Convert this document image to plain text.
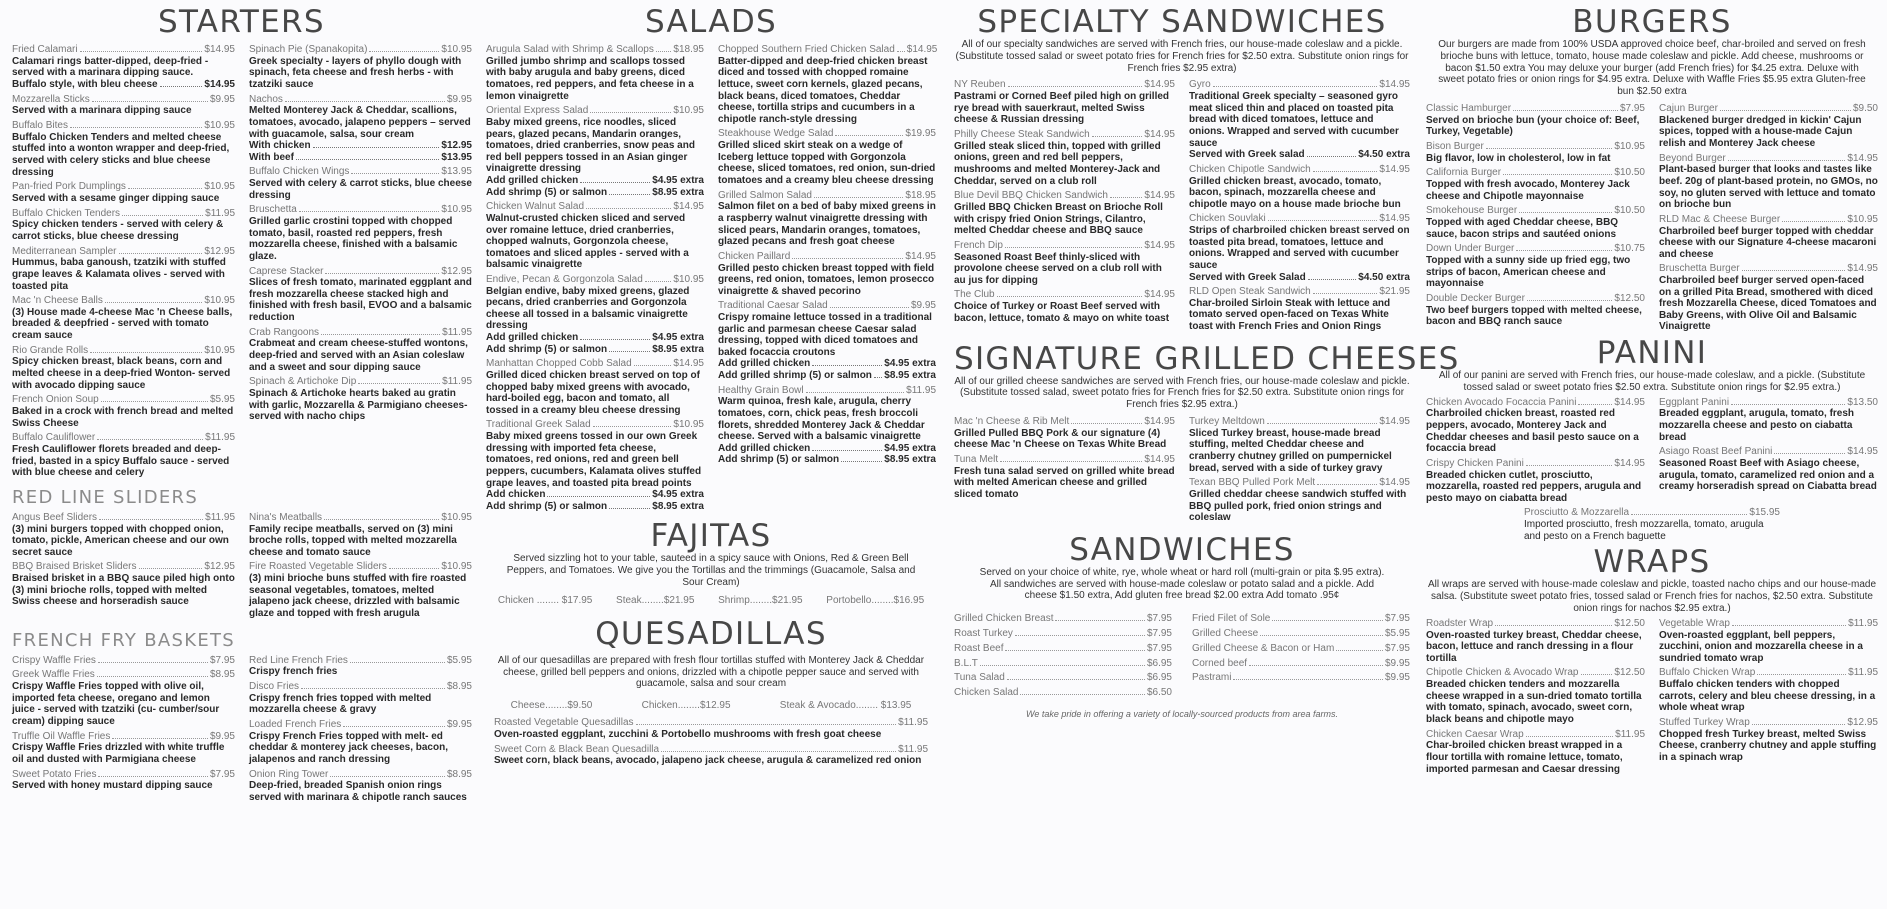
STARTERS
Fried Calamari	$14.95
Calamari rings batter-dipped, deep-fried - served with a marinara dipping sauce.
Buffalo style, with bleu cheese	$14.95
Mozzarella Sticks	$9.95
Served with a marinara dipping sauce
Buffalo Bites	$10.95
Buffalo Chicken Tenders and melted cheese stuffed into a wonton wrapper and deep-fried, served with celery sticks and blue cheese dressing
Pan-fried Pork Dumplings	$10.95
Served with a sesame ginger dipping sauce
Buffalo Chicken Tenders	$11.95
Spicy chicken tenders - served with celery & carrot sticks, blue cheese dressing
Mediterranean Sampler	$12.95
Hummus, baba ganoush, tzatziki with stuffed grape leaves & Kalamata olives - served with toasted pita
Mac 'n Cheese Balls	$10.95
(3) House made 4-cheese Mac 'n Cheese balls, breaded & deepfried - served with tomato cream sauce
Rio Grande Rolls	$10.95
Spicy chicken breast, black beans, corn and melted cheese in a deep-fried Wonton- served with avocado dipping sauce
French Onion Soup	$5.95
Baked in a crock with french bread and melted Swiss Cheese
Buffalo Cauliflower	$11.95
Fresh Cauliflower florets breaded and deep-fried, basted in a spicy Buffalo sauce - served with blue cheese and celery
Spinach Pie (Spanakopita)	$10.95
Greek specialty - layers of phyllo dough with spinach, feta cheese and fresh herbs - with tzatziki sauce
Nachos	$9.95
Melted Monterey Jack & Cheddar, scallions, tomatoes, avocado, jalapeno peppers – served with guacamole, salsa, sour cream
With chicken	$12.95
With beef	$13.95
Buffalo Chicken Wings	$13.95
Served with celery & carrot sticks, blue cheese dressing
Bruschetta	$10.95
Grilled garlic crostini topped with chopped tomato, basil, roasted red peppers, fresh mozzarella cheese, finished with a balsamic glaze.
Caprese Stacker	$12.95
Slices of fresh tomato, marinated eggplant and fresh mozzarella cheese stacked high and finished with fresh basil, EVOO and a balsamic reduction
Crab Rangoons	$11.95
Crabmeat and cream cheese-stuffed wontons, deep-fried and served with an Asian coleslaw and a sweet and sour dipping sauce
Spinach & Artichoke Dip	$11.95
Spinach & Artichoke hearts baked au gratin with garlic, Mozzarella & Parmigiano cheeses- served with nacho chips
RED LINE SLIDERS
Angus Beef Sliders	$11.95
(3) mini burgers topped with chopped onion, tomato, pickle, American cheese and our own secret sauce
BBQ Braised Brisket Sliders	$12.95
Braised brisket in a BBQ sauce piled high onto (3) mini brioche rolls, topped with melted Swiss cheese and horseradish sauce
Nina's Meatballs	$10.95
Family recipe meatballs, served on (3) mini broche rolls, topped with melted mozzarella cheese and tomato sauce
Fire Roasted Vegetable Sliders	$10.95
(3) mini brioche buns stuffed with fire roasted seasonal vegetables, tomatoes, melted jalapeno jack cheese, drizzled with balsamic glaze and topped with fresh arugula
FRENCH FRY BASKETS
Crispy Waffle Fries	$7.95
Greek Waffle Fries	$8.95
Crispy Waffle Fries topped with olive oil, imported feta cheese, oregano and lemon juice - served with tzatziki (cu- cumber/sour cream) dipping sauce
Truffle Oil Waffle Fries	$9.95
Crispy Waffle Fries drizzled with white truffle oil and dusted with Parmigiana cheese
Sweet Potato Fries	$7.95
Served with honey mustard dipping sauce
Red Line French Fries	$5.95
Crispy french fries
Disco Fries	$8.95
Crispy french fries topped with melted mozzarella cheese & gravy
Loaded French Fries	$9.95
Crispy French Fries topped with melt- ed cheddar & monterey jack cheeses, bacon, jalapenos and ranch dressing
Onion Ring Tower	$8.95
Deep-fried, breaded Spanish onion rings served with marinara & chipotle ranch sauces
SALADS
Arugula Salad with Shrimp & Scallops $18.95
Grilled jumbo shrimp and scallops tossed with baby arugula and baby greens, diced tomatoes, red peppers, and feta cheese in a lemon vinaigrette
Oriental Express Salad	$10.95
Baby mixed greens, rice noodles, sliced pears, glazed pecans, Mandarin oranges, tomatoes, dried cranberries, snow peas and red bell peppers tossed in an Asian ginger vinaigrette dressing
Add grilled chicken	$4.95 extra
Add shrimp (5) or salmon	$8.95 extra
Chicken Walnut Salad	$14.95
Walnut-crusted chicken sliced and served over romaine lettuce, dried cranberries, chopped walnuts, Gorgonzola cheese, tomatoes and sliced apples - served with a balsamic vinaigrette
Endive, Pecan & Gorgonzola Salad	$10.95
Belgian endive, baby mixed greens, glazed pecans, dried cranberries and Gorgonzola cheese all tossed in a balsamic vinaigrette dressing
Add grilled chicken	$4.95 extra
Add shrimp (5) or salmon	$8.95 extra
Manhattan Chopped Cobb Salad	$14.95
Grilled diced chicken breast served on top of chopped baby mixed greens with avocado, hard-boiled egg, bacon and tomato, all tossed in a creamy bleu cheese dressing
Traditional Greek Salad	$10.95
Baby mixed greens tossed in our own Greek dressing with imported feta cheese, tomatoes, red onions, red and green bell peppers, cucumbers, Kalamata olives stuffed grape leaves, and toasted pita bread points
Add chicken	$4.95 extra
Add shrimp (5) or salmon	$8.95 extra
Chopped Southern Fried Chicken Salad $14.95
Batter-dipped and deep-fried chicken breast diced and tossed with chopped romaine lettuce, sweet corn kernels, glazed pecans, black beans, diced tomatoes, Cheddar cheese, tortilla strips and cucumbers in a chipotle ranch-style dressing
Steakhouse Wedge Salad	$19.95
Grilled sliced skirt steak on a wedge of Iceberg lettuce topped with Gorgonzola cheese, sliced tomatoes, red onion, sun-dried tomatoes and a creamy bleu cheese dressing
Grilled Salmon Salad	$18.95
Salmon filet on a bed of baby mixed greens in a raspberry walnut vinaigrette dressing with sliced pears, Mandarin oranges, tomatoes, glazed pecans and fresh goat cheese
Chicken Paillard	$14.95
Grilled pesto chicken breast topped with field greens, red onion, tomatoes, lemon prosecco vinaigrette & shaved pecorino
Traditional Caesar Salad	$9.95
Crispy romaine lettuce tossed in a traditional garlic and parmesan cheese Caesar salad dressing, topped with diced tomatoes and baked focaccia croutons
Add grilled chicken	$4.95 extra
Add grilled shrimp (5) or salmon $8.95 extra
Healthy Grain Bowl	$11.95
Warm quinoa, fresh kale, arugula, cherry tomatoes, corn, chick peas, fresh broccoli florets, shredded Monterey Jack & Cheddar cheese. Served with a balsamic vinaigrette
Add grilled chicken	$4.95 extra
Add shrimp (5) or salmon	$8.95 extra
FAJITAS
Served sizzling hot to your table, sauteed in a spicy sauce with Onions, Red & Green Bell Peppers, and Tomatoes. We give you the Tortillas and the trimmings (Guacamole, Salsa and Sour Cream)
Chicken ........ $17.95 Steak........$21.95 Shrimp........$21.95 Portobello........$16.95
QUESADILLAS
All of our quesadillas are prepared with fresh flour tortillas stuffed with Monterey Jack & Cheddar cheese, grilled bell peppers and onions, drizzled with a chipotle pepper sauce and served with guacamole, salsa and sour cream
Cheese........$9.50	Chicken........$12.95	Steak & Avocado........ $13.95
Roasted Vegetable Quesadillas	$11.95
Oven-roasted eggplant, zucchini & Portobello mushrooms with fresh goat cheese
Sweet Corn & Black Bean Quesadilla	$11.95
Sweet corn, black beans, avocado, jalapeno jack cheese, arugula & caramelized red onion
SPECIALTY SANDWICHES
All of our specialty sandwiches are served with French fries, our house-made coleslaw and a pickle. (Substitute tossed salad or sweet potato fries for French fries for $2.50 extra. Substitute onion rings for French fries $2.95 extra)
NY Reuben	$14.95
Pastrami or Corned Beef piled high on grilled rye bread with sauerkraut, melted Swiss cheese & Russian dressing
Philly Cheese Steak Sandwich	$14.95
Grilled steak sliced thin, topped with grilled onions, green and red bell peppers, mushrooms and melted Monterey-Jack and Cheddar, served on a club roll
Blue Devil BBQ Chicken Sandwich	$14.95
Grilled BBQ Chicken Breast on Brioche Roll with crispy fried Onion Strings, Cilantro, melted Cheddar cheese and BBQ sauce
French Dip	$14.95
Seasoned Roast Beef thinly-sliced with provolone cheese served on a club roll with au jus for dipping
The Club	$14.95
Choice of Turkey or Roast Beef served with bacon, lettuce, tomato & mayo on white toast
Gyro	$14.95
Traditional Greek specialty – seasoned gyro meat sliced thin and placed on toasted pita bread with diced tomatoes, lettuce and onions. Wrapped and served with cucumber sauce
Served with Greek salad	$4.50 extra
Chicken Chipotle Sandwich	$14.95
Grilled chicken breast, avocado, tomato, bacon, spinach, mozzarella cheese and chipotle mayo on a house made brioche bun
Chicken Souvlaki	$14.95
Strips of charbroiled chicken breast served on toasted pita bread, tomatoes, lettuce and onions. Wrapped and served with cucumber sauce
Served with Greek Salad	$4.50 extra
RLD Open Steak Sandwich	$21.95
Char-broiled Sirloin Steak with lettuce and tomato served open-faced on Texas White toast with French Fries and Onion Rings
SIGNATURE GRILLED CHEESES
All of our grilled cheese sandwiches are served with French fries, our house-made coleslaw and pickle. (Substitute tossed salad, sweet potato fries for French fries for $2.50 extra. Substitute onion rings for French fries $2.95 extra.)
Mac 'n Cheese & Rib Melt	$14.95
Grilled Pulled BBQ Pork & our signature (4) cheese Mac 'n Cheese on Texas White Bread
Tuna Melt	$14.95
Fresh tuna salad served on grilled white bread with melted American cheese and grilled sliced tomato
Turkey Meltdown	$14.95
Sliced Turkey breast, house-made bread stuffing, melted Cheddar cheese and cranberry chutney grilled on pumpernickel bread, served with a side of turkey gravy
Texan BBQ Pulled Pork Melt	$14.95
Grilled cheddar cheese sandwich stuffed with BBQ pulled pork, fried onion strings and coleslaw
SANDWICHES
Served on your choice of white, rye, whole wheat or hard roll (multi-grain or pita $.95 extra). All sandwiches are served with house-made coleslaw or potato salad and a pickle. Add cheese $1.50 extra, Add gluten free bread $2.00 extra Add tomato .95¢
Grilled Chicken Breast	$7.95
Roast Turkey	$7.95
Roast Beef	$7.95
B.L.T	$6.95
Tuna Salad	$6.95
Chicken Salad	$6.50
Fried Filet of Sole	$7.95
Grilled Cheese	$5.95
Grilled Cheese & Bacon or Ham	$7.95
Corned beef	$9.95
Pastrami	$9.95
We take pride in offering a variety of locally-sourced products from area farms.
BURGERS
Our burgers are made from 100% USDA approved choice beef, char-broiled and served on fresh brioche buns with lettuce, tomato, house made coleslaw and pickle. Add cheese, mushrooms or bacon $1.50 extra You may deluxe your burger (add French fries) for $4.25 extra. Deluxe with sweet potato fries or onion rings for $4.95 extra. Deluxe with Waffle Fries $5.95 extra Gluten-free bun $2.50 extra
Classic Hamburger	$7.95
Served on brioche bun (your choice of: Beef, Turkey, Vegetable)
Bison Burger	$10.95
Big flavor, low in cholesterol, low in fat
California Burger	$10.50
Topped with fresh avocado, Monterey Jack cheese and Chipotle mayonnaise
Smokehouse Burger	$10.50
Topped with aged Cheddar cheese, BBQ sauce, bacon strips and sautéed onions
Down Under Burger	$10.75
Topped with a sunny side up fried egg, two strips of bacon, American cheese and mayonnaise
Double Decker Burger	$12.50
Two beef burgers topped with melted cheese, bacon and BBQ ranch sauce
Cajun Burger	$9.50
Blackened burger dredged in kickin' Cajun spices, topped with a house-made Cajun relish and Monterey Jack cheese
Beyond Burger	$14.95
Plant-based burger that looks and tastes like beef. 20g of plant-based protein, no GMOs, no soy, no gluten served with lettuce and tomato on brioche bun
RLD Mac & Cheese Burger	$10.95
Charbroiled beef burger topped with cheddar cheese with our Signature 4-cheese macaroni and cheese
Bruschetta Burger	$14.95
Charbroiled beef burger served open-faced on a grilled Pita Bread, smothered with diced fresh Mozzarella Cheese, diced Tomatoes and Baby Greens, with Olive Oil and Balsamic Vinaigrette
PANINI
All of our panini are served with French fries, our house-made coleslaw, and a pickle. (Substitute tossed salad or sweet potato fries $2.50 extra. Substitute onion rings for $2.95 extra.)
Chicken Avocado Focaccia Panini	$14.95
Charbroiled chicken breast, roasted red peppers, avocado, Monterey Jack and Cheddar cheeses and basil pesto sauce on a focaccia bread
Crispy Chicken Panini	$14.95
Breaded chicken cutlet, prosciutto, mozzarella, roasted red peppers, arugula and pesto mayo on ciabatta bread
Eggplant Panini	$13.50
Breaded eggplant, arugula, tomato, fresh mozzarella cheese and pesto on ciabatta bread
Asiago Roast Beef Panini	$14.95
Seasoned Roast Beef with Asiago cheese, arugula, tomato, caramelized red onion and a creamy horseradish spread on Ciabatta bread
Prosciutto & Mozzarella	$15.95
Imported prosciutto, fresh mozzarella, tomato, arugula and pesto on a French baguette
WRAPS
All wraps are served with house-made coleslaw and pickle, toasted nacho chips and our house-made salsa. (Substitute sweet potato fries, tossed salad or French fries for nachos, $2.50 extra. Substitute onion rings for nachos $2.95 extra.)
Roadster Wrap	$12.50
Oven-roasted turkey breast, Cheddar cheese, bacon, lettuce and ranch dressing in a flour tortilla
Chipotle Chicken & Avocado Wrap	$12.50
Breaded chicken tenders and mozzarella cheese wrapped in a sun-dried tomato tortilla with tomato, spinach, avocado, sweet corn, black beans and chipotle mayo
Chicken Caesar Wrap	$11.95
Char-broiled chicken breast wrapped in a flour tortilla with romaine lettuce, tomato, imported parmesan and Caesar dressing
Vegetable Wrap	$11.95
Oven-roasted eggplant, bell peppers, zucchini, onion and mozzarella cheese in a sundried tomato wrap
Buffalo Chicken Wrap	$11.95
Buffalo chicken tenders with chopped carrots, celery and bleu cheese dressing, in a whole wheat wrap
Stuffed Turkey Wrap	$12.95
Chopped fresh Turkey breast, melted Swiss Cheese, cranberry chutney and apple stuffing in a spinach wrap
